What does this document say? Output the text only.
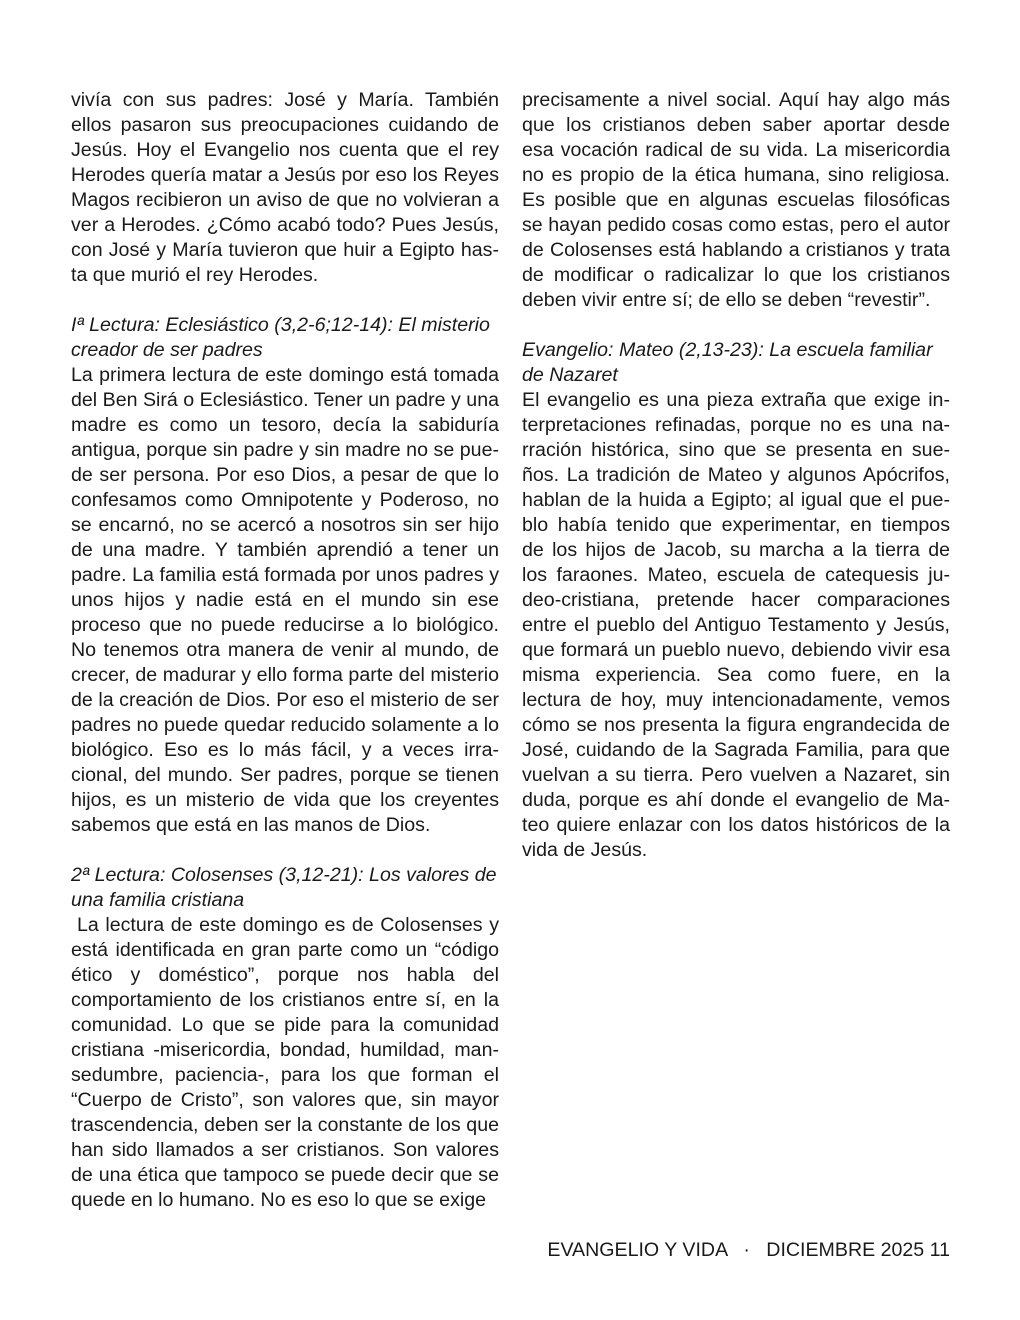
vivía con sus padres: José y María. También ellos pasaron sus preocupaciones cuidando de Jesús. Hoy el Evangelio nos cuenta que el rey Herodes quería matar a Jesús por eso los Reyes Magos recibieron un aviso de que no volvieran a ver a Herodes. ¿Cómo acabó todo? Pues Jesús, con José y María tuvieron que huir a Egipto hasta que murió el rey Herodes.

Iª Lectura: Eclesiástico (3,2-6;12-14): El misterio creador de ser padres

La primera lectura de este domingo está tomada del Ben Sirá o Eclesiástico. Tener un padre y una madre es como un tesoro, decía la sabiduría antigua, porque sin padre y sin madre no se puede ser persona. Por eso Dios, a pesar de que lo confesamos como Omnipotente y Poderoso, no se encarnó, no se acercó a nosotros sin ser hijo de una madre. Y también aprendió a tener un padre. La familia está formada por unos padres y unos hijos y nadie está en el mundo sin ese proceso que no puede reducirse a lo biológico. No tenemos otra manera de venir al mundo, de crecer, de madurar y ello forma parte del misterio de la creación de Dios. Por eso el misterio de ser padres no puede quedar reducido solamente a lo biológico. Eso es lo más fácil, y a veces irracional, del mundo. Ser padres, porque se tienen hijos, es un misterio de vida que los creyentes sabemos que está en las manos de Dios.

2ª Lectura: Colosenses (3,12-21): Los valores de una familia cristiana

La lectura de este domingo es de Colosenses y está identificada en gran parte como un “código ético y doméstico”, porque nos habla del comportamiento de los cristianos entre sí, en la comunidad. Lo que se pide para la comunidad cristiana -misericordia, bondad, humildad, mansedumbre, paciencia-, para los que forman el “Cuerpo de Cristo”, son valores que, sin mayor trascendencia, deben ser la constante de los que han sido llamados a ser cristianos. Son valores de una ética que tampoco se puede decir que se quede en lo humano. No es eso lo que se exige

precisamente a nivel social. Aquí hay algo más que los cristianos deben saber aportar desde esa vocación radical de su vida. La misericordia no es propio de la ética humana, sino religiosa. Es posible que en algunas escuelas filosóficas se hayan pedido cosas como estas, pero el autor de Colosenses está hablando a cristianos y trata de modificar o radicalizar lo que los cristianos deben vivir entre sí; de ello se deben “revestir”.

Evangelio: Mateo (2,13-23): La escuela familiar de Nazaret

El evangelio es una pieza extraña que exige interpretaciones refinadas, porque no es una narración histórica, sino que se presenta en sueños. La tradición de Mateo y algunos Apócrifos, hablan de la huida a Egipto; al igual que el pueblo había tenido que experimentar, en tiempos de los hijos de Jacob, su marcha a la tierra de los faraones. Mateo, escuela de catequesis judeo-cristiana, pretende hacer comparaciones entre el pueblo del Antiguo Testamento y Jesús, que formará un pueblo nuevo, debiendo vivir esa misma experiencia. Sea como fuere, en la lectura de hoy, muy intencionadamente, vemos cómo se nos presenta la figura engrandecida de José, cuidando de la Sagrada Familia, para que vuelvan a su tierra. Pero vuelven a Nazaret, sin duda, porque es ahí donde el evangelio de Mateo quiere enlazar con los datos históricos de la vida de Jesús.

EVANGELIO Y VIDA · DICIEMBRE 2025 11
